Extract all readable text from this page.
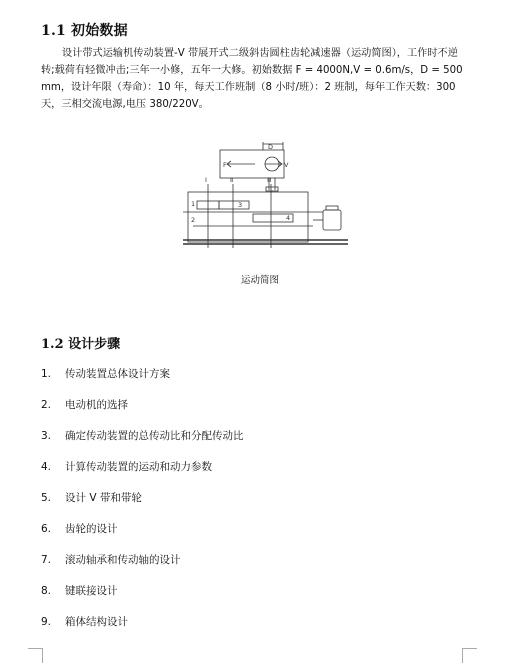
1.1 初始数据
设计带式运输机传动装置-V 带展开式二级斜齿圆柱齿轮减速器（运动简图），工作时不逆转;载荷有轻微冲击;三年一小修，五年一大修。初始数据 F = 4000N,V = 0.6m/s，D = 500mm，设计年限（寿命）：10 年，每天工作班制（8 小时/班）：2 班制，每年工作天数：300 天，三相交流电源,电压 380/220V。
D
F	V
Ⅰ	Ⅱ	Ⅲ
3
4
1
2
运动简图
1.2 设计步骤
1.	传动装置总体设计方案
2.	电动机的选择
3.	确定传动装置的总传动比和分配传动比
4.	计算传动装置的运动和动力参数
5.	设计 V 带和带轮
6.	齿轮的设计
7.	滚动轴承和传动轴的设计
8.	键联接设计
9.	箱体结构设计
